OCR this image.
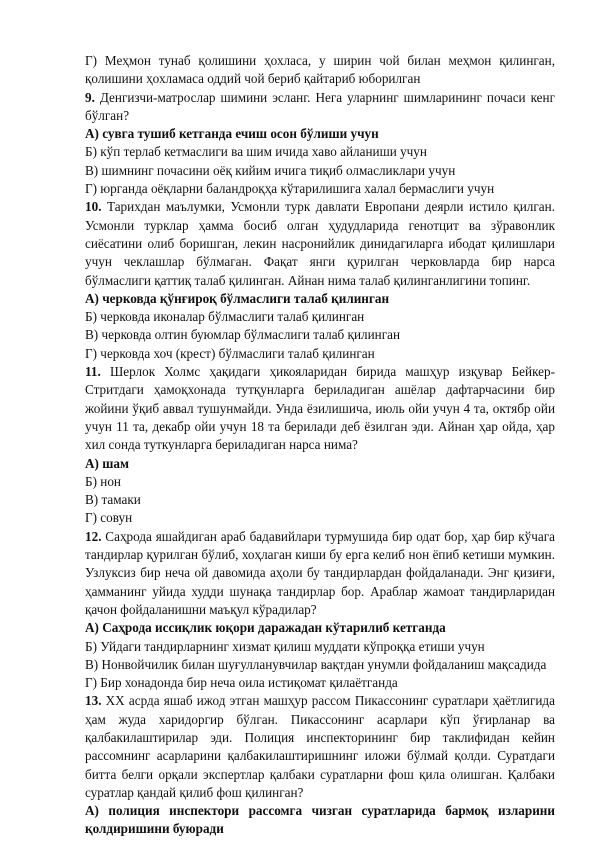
Г) Меҳмон тунаб қолишини ҳохласа, у ширин чой билан меҳмон қилинган, қолишини ҳохламаса оддий чой бериб қайтариб юборилган

9. Денгизчи-матрослар шимини эсланг. Нега уларнинг шимларининг почаси кенг бўлган?

А) сувга тушиб кетганда ечиш осон бўлиши учун

Б) кўп терлаб кетмаслиги ва шим ичида хаво айланиши учун

В) шимнинг почасини оёқ кийим ичига тиқиб олмасликлари учун

Г) юрганда оёқларни баландроқҳа кўтарилишига халал бермаслиги учун

10. Тарихдан маълумки, Усмонли турк давлати Европани деярли истило қилган. Усмонли турклар ҳамма босиб олган ҳудудларида генотцит ва зўравонлик сиёсатини олиб боришган, лекин насронийлик динидагиларга ибодат қилишлари учун чеклашлар бўлмаган. Фақат янги қурилган черковларда бир нарса бўлмаслиги қаттиқ талаб қилинган. Айнан нима талаб қилинганлигини топинг.

А) черковда қўнғироқ бўлмаслиги талаб қилинган

Б) черковда иконалар бўлмаслиги талаб қилинган

В) черковда олтин буюмлар бўлмаслиги талаб қилинган

Г) черковда хоч (крест) бўлмаслиги талаб қилинган

11. Шерлок Холмс ҳақидаги ҳикояларидан бирида машҳур изқувар Бейкер-Стритдаги ҳамоқхонада тутқунларга бериладиган ашёлар дафтарчасини бир жойини ўқиб аввал тушунмайди. Унда ёзилишича, июль ойи учун 4 та, октябр ойи учун 11 та, декабр ойи учун 18 та берилади деб ёзилган эди. Айнан ҳар ойда, ҳар хил сонда туткунларга бериладиган нарса нима?

А) шам

Б) нон

В) тамаки

Г) совун

12. Саҳрода яшайдиган араб бадавийлари турмушида бир одат бор, ҳар бир кўчага тандирлар қурилган бўлиб, хоҳлаган киши бу ерга келиб нон ёпиб кетиши мумкин. Узлуксиз бир неча ой давомида аҳоли бу тандирлардан фойдаланади. Энг қизиғи, ҳамманинг уйида худди шунақа тандирлар бор. Араблар жамоат тандирларидан қачон фойдаланишни маъқул кўрадилар?

А) Саҳрода иссиқлик юқори даражадан кўтарилиб кетганда

Б) Уйдаги тандирларнинг хизмат қилиш муддати кўпроққа етиши учун

В) Нонвойчилик билан шуғулланувчилар вақтдан унумли фойдаланиш мақсадида

Г) Бир хонадонда бир неча оила истиқомат қилаётганда

13. XX асрда яшаб ижод этган машҳур рассом Пикассонинг суратлари ҳаётлигида ҳам жуда харидоргир бўлган. Пикассонинг асарлари кўп ўғирланар ва қалбакилаштирилар эди. Полиция инспекторининг бир таклифидан кейин рассомнинг асарларини қалбакилаштиришнинг иложи бўлмай қолди. Суратдаги битта белги орқали экспертлар қалбаки суратларни фош қила олишган. Қалбаки суратлар қандай қилиб фош қилинган?

А) полиция инспектори рассомга чизган суратларида бармоқ изларини қолдиришини буюради
